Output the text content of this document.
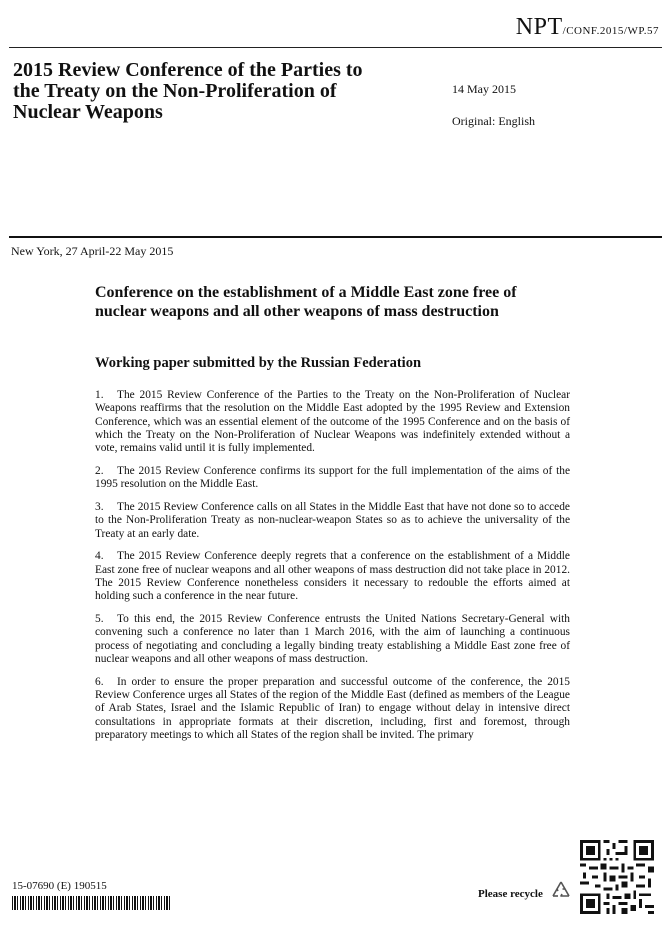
NPT/CONF.2015/WP.57
2015 Review Conference of the Parties to the Treaty on the Non-Proliferation of Nuclear Weapons
14 May 2015
Original: English
New York, 27 April-22 May 2015
Conference on the establishment of a Middle East zone free of nuclear weapons and all other weapons of mass destruction
Working paper submitted by the Russian Federation

1. The 2015 Review Conference of the Parties to the Treaty on the Non-Proliferation of Nuclear Weapons reaffirms that the resolution on the Middle East adopted by the 1995 Review and Extension Conference, which was an essential element of the outcome of the 1995 Conference and on the basis of which the Treaty on the Non-Proliferation of Nuclear Weapons was indefinitely extended without a vote, remains valid until it is fully implemented.

2. The 2015 Review Conference confirms its support for the full implementation of the aims of the 1995 resolution on the Middle East.

3. The 2015 Review Conference calls on all States in the Middle East that have not done so to accede to the Non-Proliferation Treaty as non-nuclear-weapon States so as to achieve the universality of the Treaty at an early date.

4. The 2015 Review Conference deeply regrets that a conference on the establishment of a Middle East zone free of nuclear weapons and all other weapons of mass destruction did not take place in 2012. The 2015 Review Conference nonetheless considers it necessary to redouble the efforts aimed at holding such a conference in the near future.

5. To this end, the 2015 Review Conference entrusts the United Nations Secretary-General with convening such a conference no later than 1 March 2016, with the aim of launching a continuous process of negotiating and concluding a legally binding treaty establishing a Middle East zone free of nuclear weapons and all other weapons of mass destruction.

6. In order to ensure the proper preparation and successful outcome of the conference, the 2015 Review Conference urges all States of the region of the Middle East (defined as members of the League of Arab States, Israel and the Islamic Republic of Iran) to engage without delay in intensive direct consultations in appropriate formats at their discretion, including, first and foremost, through preparatory meetings to which all States of the region shall be invited. The primary

15-07690 (E) 190515
Please recycle
